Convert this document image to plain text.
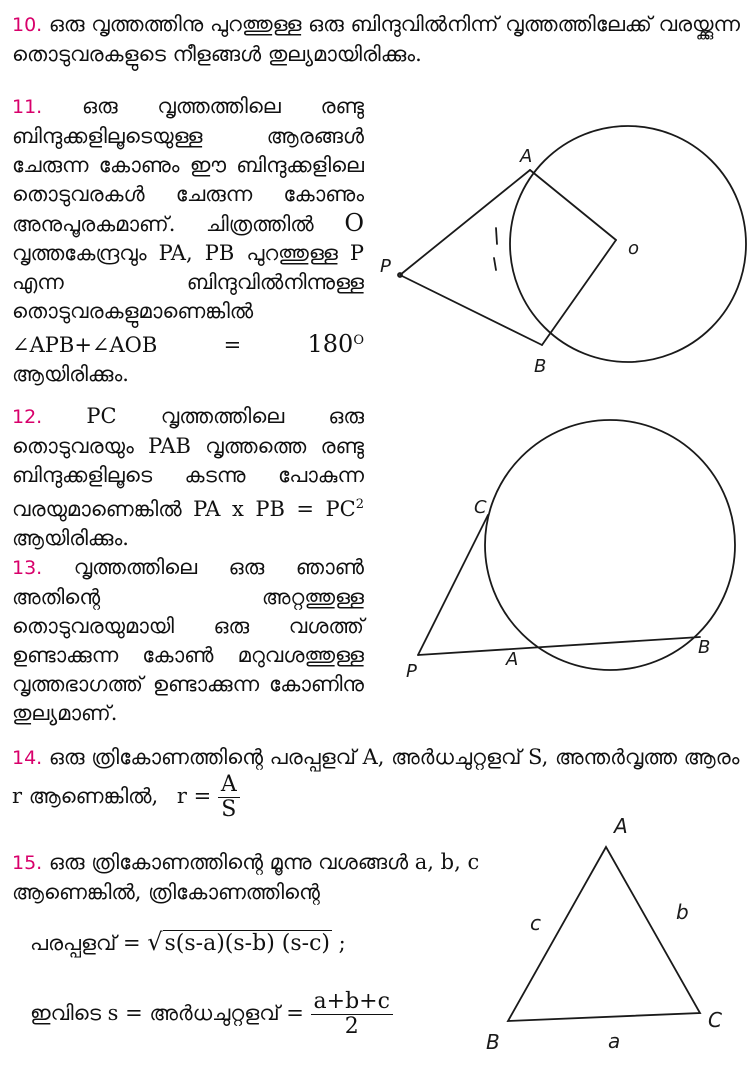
10. ഒരു വൃത്തത്തിനു പുറത്തുള്ള ഒരു ബിന്ദുവിൽനിന്ന് വൃത്തത്തിലേക്ക് വരയ്ക്കുന്ന തൊടുവരകളുടെ നീളങ്ങൾ തുല്യമായിരിക്കും.
11. ഒരു വൃത്തത്തിലെ രണ്ടു ബിന്ദുക്കളിലൂടെയുള്ള ആരങ്ങൾ ചേരുന്ന കോണും ഈ ബിന്ദുക്കളിലെ തൊടുവരകൾ ചേരുന്ന കോണും അനുപൂരകമാണ്. ചിത്രത്തിൽ O വൃത്തകേന്ദ്രവും PA, PB പുറത്തുള്ള P എന്ന ബിന്ദുവിൽനിന്നുള്ള തൊടുവരകളുമാണെങ്കിൽ ∠APB+∠AOB = $180^O$ ആയിരിക്കും.
12. PC വൃത്തത്തിലെ ഒരു തൊടുവരയും PAB വൃത്തത്തെ രണ്ടു ബിന്ദുക്കളിലൂടെ കടന്നു പോകുന്ന വരയുമാണെങ്കിൽ PA x PB = $PC^2$ ആയിരിക്കും.
13. വൃത്തത്തിലെ ഒരു ഞാൺ അതിന്റെ അറ്റത്തുള്ള തൊടുവരയുമായി ഒരു വശത്ത് ഉണ്ടാക്കുന്ന കോൺ മറുവശത്തുള്ള വൃത്തഭാഗത്ത് ഉണ്ടാക്കുന്ന കോണിനു തുല്യമാണ്.
14. ഒരു ത്രികോണത്തിന്റെ പരപ്പളവ് A, അർധചുറ്റളവ് S, അന്തർവൃത്ത ആരം r ആണെങ്കിൽ, $r = \frac{A}{S}$
15. ഒരു ത്രികോണത്തിന്റെ മൂന്നു വശങ്ങൾ a, b, c ആണെങ്കിൽ, ത്രികോണത്തിന്റെ
പരപ്പളവ് = √s(s-a)(s-b) (s-c) ;
ഇവിടെ s = അർധചുറ്റളവ് = $\frac{a+b+c}{2}$
A
o
P
B
C
P
A
B
A
B
C
c	b
a
